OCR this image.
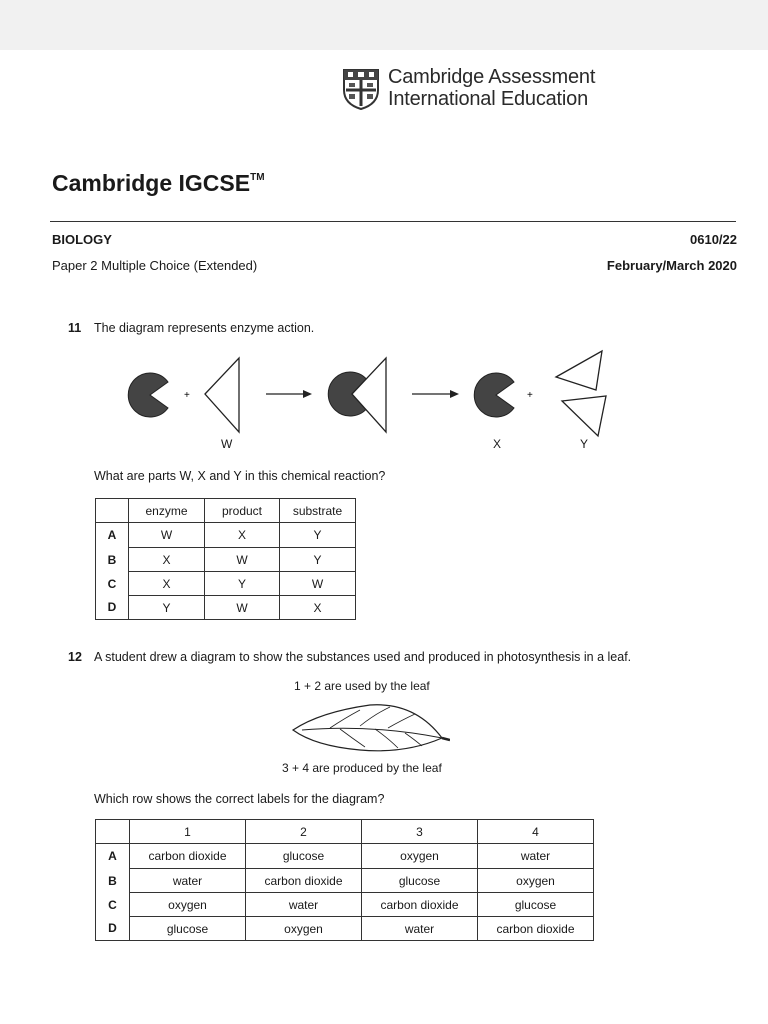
Cambridge Assessment
International Education
Cambridge IGCSE™
BIOLOGY	0610/22
Paper 2 Multiple Choice (Extended)	February/March 2020
11 The diagram represents enzyme action.
+	+
W	X	Y
What are parts W, X and Y in this chemical reaction?
	enzyme	product	substrate
A	W	X	Y
B	X	W	Y
C	X	Y	W
D	Y	W	X
12 A student drew a diagram to show the substances used and produced in photosynthesis in a leaf.
1 + 2 are used by the leaf
3 + 4 are produced by the leaf
Which row shows the correct labels for the diagram?
	1	2	3	4
A	carbon dioxide	glucose	oxygen	water
B	water	carbon dioxide	glucose	oxygen
C	oxygen	water	carbon dioxide	glucose
D	glucose	oxygen	water	carbon dioxide
